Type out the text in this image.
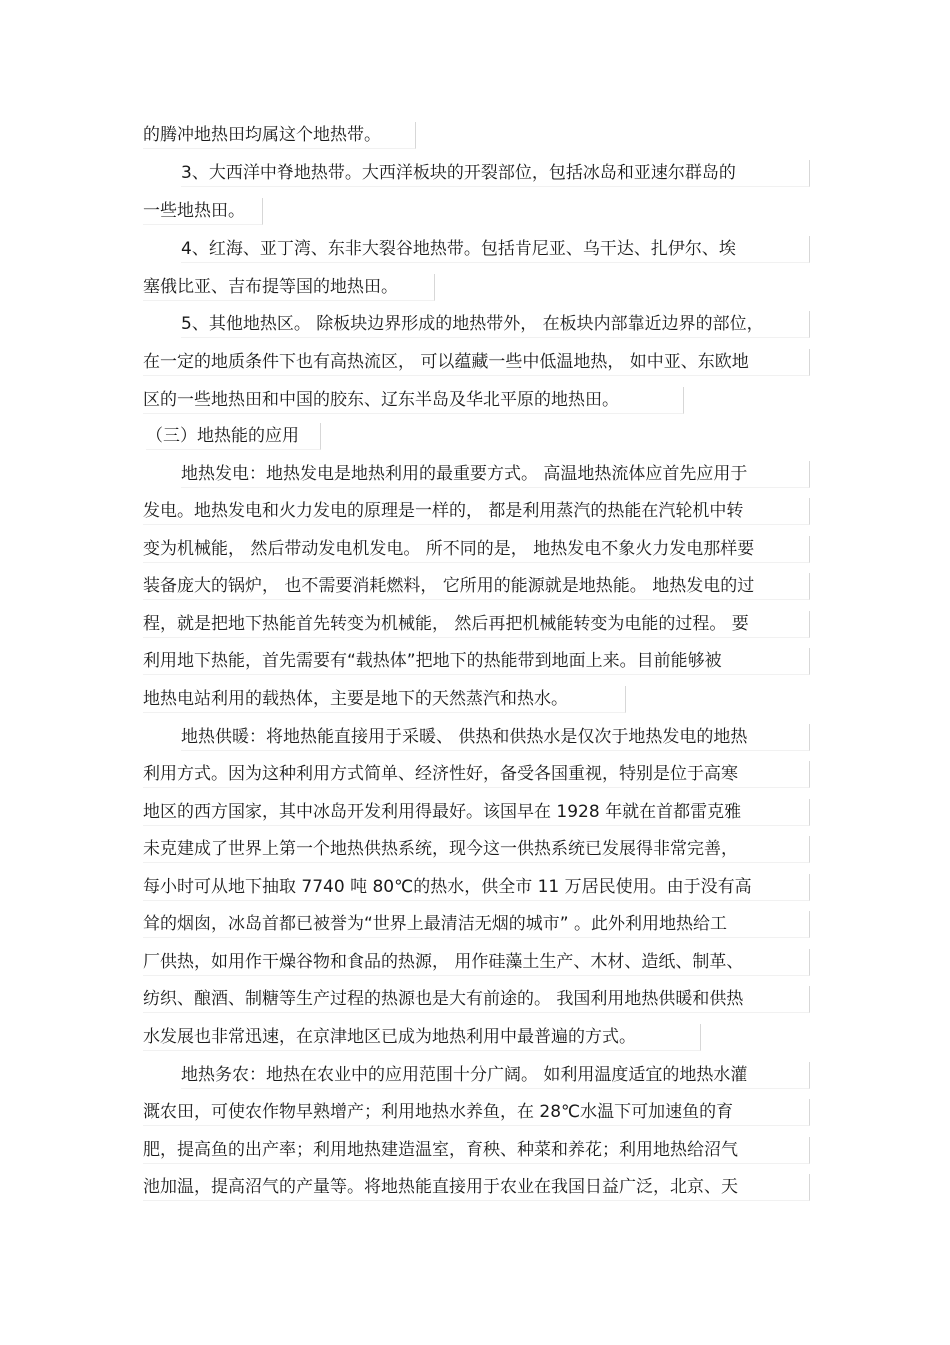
的腾冲地热田均属这个地热带。
3、大西洋中脊地热带。大西洋板块的开裂部位，包括冰岛和亚速尔群岛的
一些地热田。
4、红海、亚丁湾、东非大裂谷地热带。包括肯尼亚、乌干达、扎伊尔、埃
塞俄比亚、吉布提等国的地热田。
5、其他地热区。 除板块边界形成的地热带外， 在板块内部靠近边界的部位，
在一定的地质条件下也有高热流区， 可以蕴藏一些中低温地热， 如中亚、东欧地
区的一些地热田和中国的胶东、辽东半岛及华北平原的地热田。
（三）地热能的应用
地热发电：地热发电是地热利用的最重要方式。 高温地热流体应首先应用于
发电。地热发电和火力发电的原理是一样的， 都是利用蒸汽的热能在汽轮机中转
变为机械能， 然后带动发电机发电。 所不同的是， 地热发电不象火力发电那样要
装备庞大的锅炉， 也不需要消耗燃料， 它所用的能源就是地热能。 地热发电的过
程，就是把地下热能首先转变为机械能， 然后再把机械能转变为电能的过程。 要
利用地下热能，首先需要有“载热体”把地下的热能带到地面上来。目前能够被
地热电站利用的载热体，主要是地下的天然蒸汽和热水。
地热供暖：将地热能直接用于采暖、 供热和供热水是仅次于地热发电的地热
利用方式。因为这种利用方式简单、经济性好，备受各国重视，特别是位于高寒
地区的西方国家，其中冰岛开发利用得最好。该国早在 1928 年就在首都雷克雅
未克建成了世界上第一个地热供热系统，现今这一供热系统已发展得非常完善，
每小时可从地下抽取 7740 吨 80℃的热水，供全市 11 万居民使用。由于没有高
耸的烟囱，冰岛首都已被誉为“世界上最清洁无烟的城市” 。此外利用地热给工
厂供热，如用作干燥谷物和食品的热源， 用作硅藻土生产、木材、造纸、制革、
纺织、酿酒、制糖等生产过程的热源也是大有前途的。 我国利用地热供暖和供热
水发展也非常迅速，在京津地区已成为地热利用中最普遍的方式。
地热务农：地热在农业中的应用范围十分广阔。 如利用温度适宜的地热水灌
溉农田，可使农作物早熟增产；利用地热水养鱼，在 28℃水温下可加速鱼的育
肥，提高鱼的出产率；利用地热建造温室，育秧、种菜和养花；利用地热给沼气
池加温，提高沼气的产量等。将地热能直接用于农业在我国日益广泛，北京、天
